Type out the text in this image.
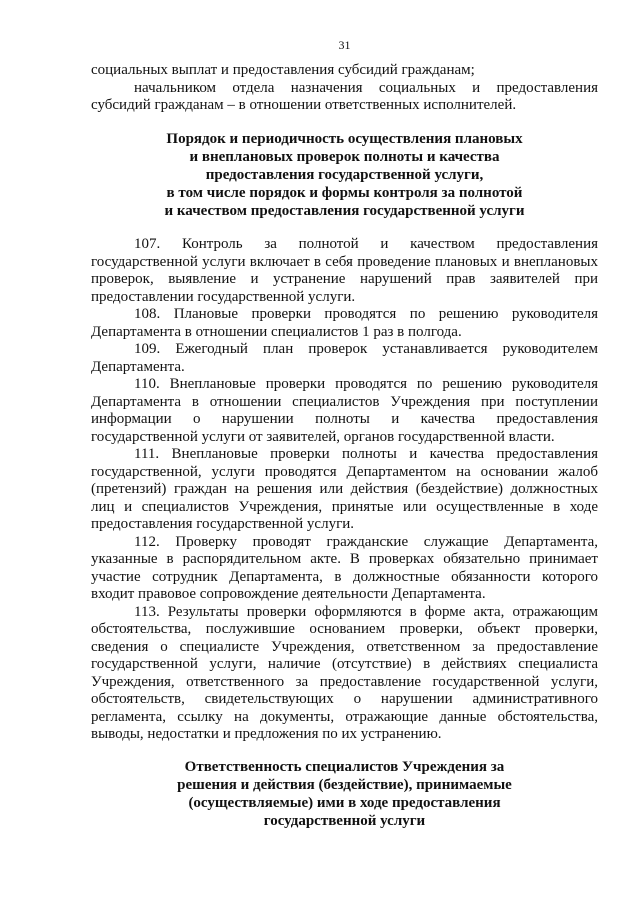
31

социальных выплат и предоставления субсидий гражданам;

начальником отдела назначения социальных и предоставления субсидий гражданам – в отношении ответственных исполнителей.

Порядок и периодичность осуществления плановых
и внеплановых проверок полноты и качества
предоставления государственной услуги,
в том числе порядок и формы контроля за полнотой
и качеством предоставления государственной услуги

107. Контроль за полнотой и качеством предоставления государственной услуги включает в себя проведение плановых и внеплановых проверок, выявление и устранение нарушений прав заявителей при предоставлении государственной услуги.

108. Плановые проверки проводятся по решению руководителя Департамента в отношении специалистов 1 раз в полгода.

109. Ежегодный план проверок устанавливается руководителем Департамента.

110. Внеплановые проверки проводятся по решению руководителя Департамента в отношении специалистов Учреждения при поступлении информации о нарушении полноты и качества предоставления государственной услуги от заявителей, органов государственной власти.

111. Внеплановые проверки полноты и качества предоставления государственной, услуги проводятся Департаментом на основании жалоб (претензий) граждан на решения или действия (бездействие) должностных лиц и специалистов Учреждения, принятые или осуществленные в ходе предоставления государственной услуги.

112. Проверку проводят гражданские служащие Департамента, указанные в распорядительном акте. В проверках обязательно принимает участие сотрудник Департамента, в должностные обязанности которого входит правовое сопровождение деятельности Департамента.

113. Результаты проверки оформляются в форме акта, отражающим обстоятельства, послужившие основанием проверки, объект проверки, сведения о специалисте Учреждения, ответственном за предоставление государственной услуги, наличие (отсутствие) в действиях специалиста Учреждения, ответственного за предоставление государственной услуги, обстоятельств, свидетельствующих о нарушении административного регламента, ссылку на документы, отражающие данные обстоятельства, выводы, недостатки и предложения по их устранению.

Ответственность специалистов Учреждения за
решения и действия (бездействие), принимаемые
(осуществляемые) ими в ходе предоставления
государственной услуги
